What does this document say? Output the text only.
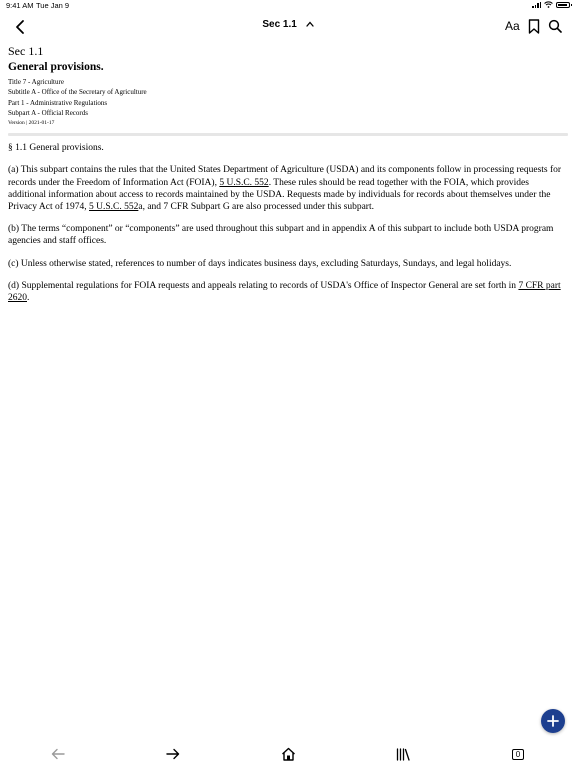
9:41 AM Tue Jan 9
Sec 1.1	Aa

Sec 1.1

General provisions.

Title 7 - Agriculture
Subtitle A - Office of the Secretary of Agriculture
Part 1 - Administrative Regulations
Subpart A - Official Records
Version | 2021-01-17

§ 1.1 General provisions.

(a) This subpart contains the rules that the United States Department of Agriculture (USDA) and its components follow in processing requests for records under the Freedom of Information Act (FOIA), 5 U.S.C. 552. These rules should be read together with the FOIA, which provides additional information about access to records maintained by the USDA. Requests made by individuals for records about themselves under the Privacy Act of 1974, 5 U.S.C. 552a, and 7 CFR Subpart G are also processed under this subpart.

(b) The terms “component” or “components” are used throughout this subpart and in appendix A of this subpart to include both USDA program agencies and staff offices.

(c) Unless otherwise stated, references to number of days indicates business days, excluding Saturdays, Sundays, and legal holidays.

(d) Supplemental regulations for FOIA requests and appeals relating to records of USDA's Office of Inspector General are set forth in 7 CFR part 2620.

0
